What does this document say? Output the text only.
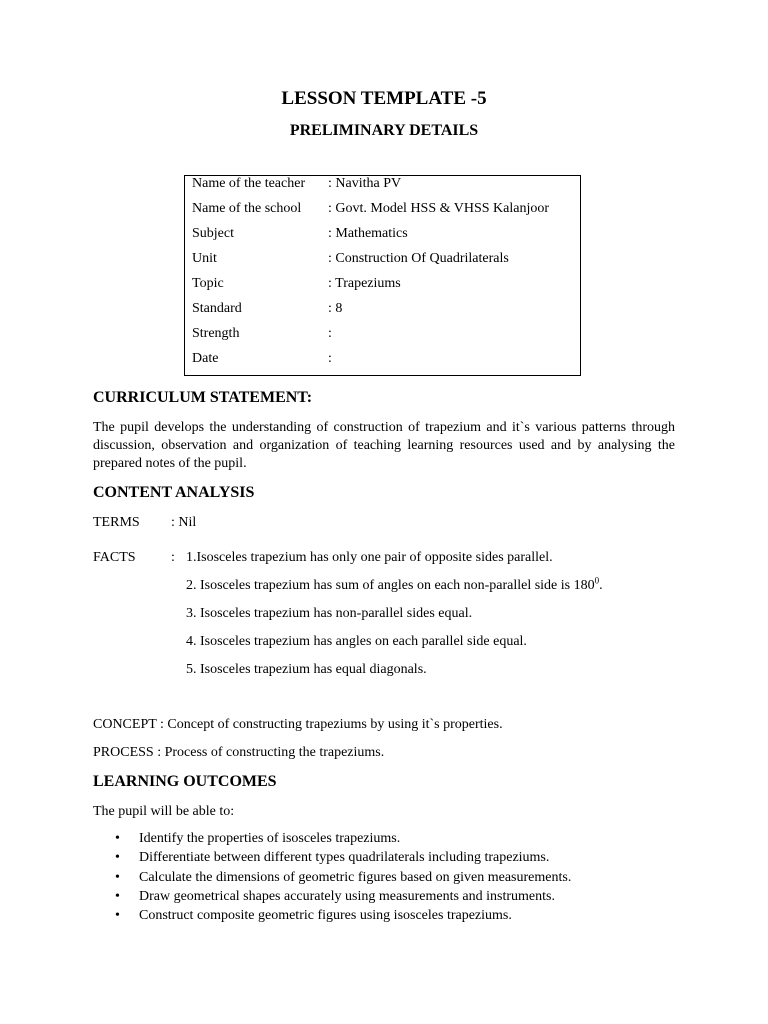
LESSON TEMPLATE -5
PRELIMINARY DETAILS
Name of the teacher : Navitha PV
Name of the school : Govt. Model HSS & VHSS Kalanjoor
Subject	: Mathematics
Unit	: Construction Of Quadrilaterals
Topic	: Trapeziums
Standard	: 8
Strength	:
Date	:
CURRICULUM STATEMENT:
The pupil develops the understanding of construction of trapezium and it`s various patterns through discussion, observation and organization of teaching learning resources used and by analysing the prepared notes of the pupil.
CONTENT ANALYSIS
TERMS : Nil
FACTS	: 1.Isosceles trapezium has only one pair of opposite sides parallel.
2. Isosceles trapezium has sum of angles on each non-parallel side is $180^0$.
3. Isosceles trapezium has non-parallel sides equal.
4. Isosceles trapezium has angles on each parallel side equal.
5. Isosceles trapezium has equal diagonals.
CONCEPT : Concept of constructing trapeziums by using it`s properties.
PROCESS : Process of constructing the trapeziums.
LEARNING OUTCOMES
The pupil will be able to:
• Identify the properties of isosceles trapeziums.
• Differentiate between different types quadrilaterals including trapeziums.
• Calculate the dimensions of geometric figures based on given measurements.
• Draw geometrical shapes accurately using measurements and instruments.
• Construct composite geometric figures using isosceles trapeziums.
